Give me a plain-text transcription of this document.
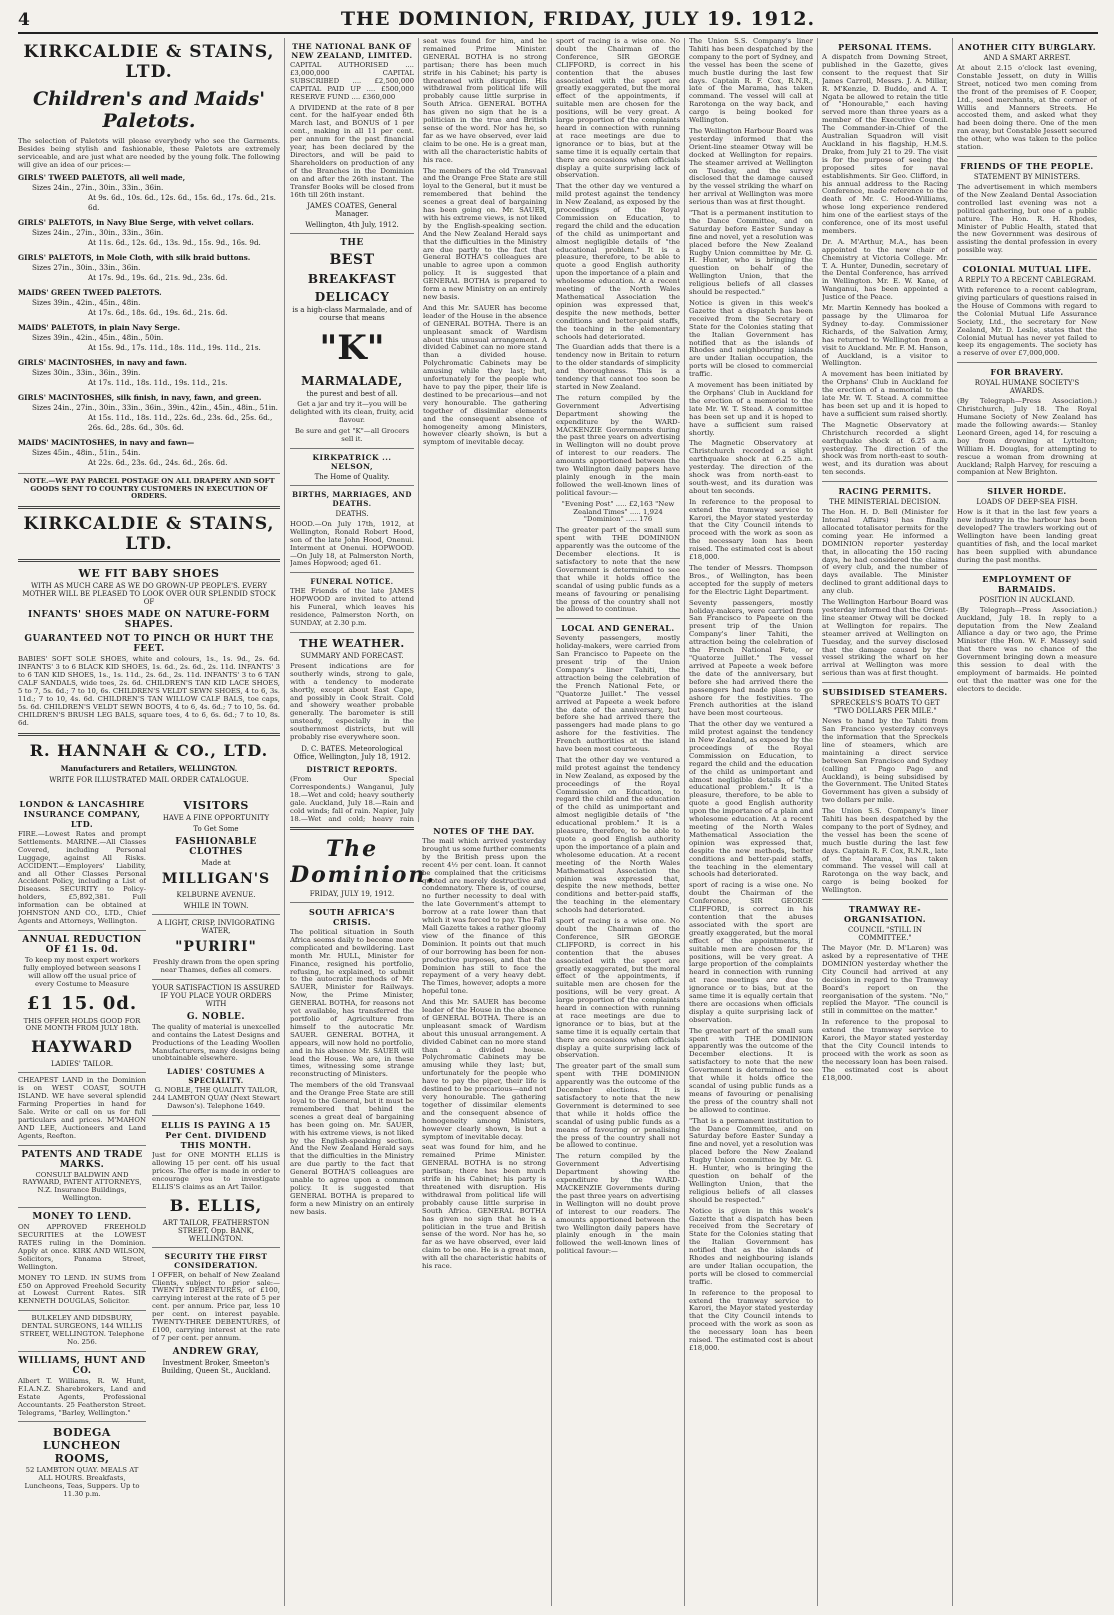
4	THE DOMINION, FRIDAY, JULY 19. 1912.
KIRKCALDIE & STAINS, LTD.
Children's and Maids' Paletots.
The selection of Paletots will please everybody who see the Garments. Besides being stylish and fashionable, these Paletots are extremely serviceable, and are just what are needed by the young folk. The following will give an idea of our prices:—
GIRLS' TWEED PALETOTS, all well made,
Sizes 24in., 27in., 30in., 33in., 36in.
At 9s. 6d., 10s. 6d., 12s. 6d., 15s. 6d., 17s. 6d., 21s. 6d.
GIRLS' PALETOTS, in Navy Blue Serge, with velvet collars.
Sizes 24in., 27in., 30in., 33in., 36in.
At 11s. 6d., 12s. 6d., 13s. 9d., 15s. 9d., 16s. 9d.
GIRLS' PALETOTS, in Mole Cloth, with silk braid buttons.
Sizes 27in., 30in., 33in., 36in.
At 17s. 9d., 19s. 6d., 21s. 9d., 23s. 6d.
MAIDS' GREEN TWEED PALETOTS.
Sizes 39in., 42in., 45in., 48in.
At 17s. 6d., 18s. 6d., 19s. 6d., 21s. 6d.
MAIDS' PALETOTS, in plain Navy Serge.
Sizes 39in., 42in., 45in., 48in., 50in.
At 15s. 9d., 17s. 11d., 18s. 11d., 19s. 11d., 21s.
GIRLS' MACINTOSHES, in navy and fawn.
Sizes 30in., 33in., 36in., 39in.
At 17s. 11d., 18s. 11d., 19s. 11d., 21s.
GIRLS' MACINTOSHES, silk finish, in navy, fawn, and green.
Sizes 24in., 27in., 30in., 33in., 36in., 39in., 42in., 45in., 48in., 51in.
At 15s. 11d., 18s. 11d., 22s. 6d., 23s. 6d., 25s. 6d., 26s. 6d., 28s. 6d., 30s. 6d.
MAIDS' MACINTOSHES, in navy and fawn—
Sizes 45in., 48in., 51in., 54in.
At 22s. 6d., 23s. 6d., 24s. 6d., 26s. 6d.
NOTE.—WE PAY PARCEL POSTAGE ON ALL DRAPERY AND SOFT GOODS SENT TO COUNTRY CUSTOMERS IN EXECUTION OF ORDERS.
KIRKCALDIE & STAINS, LTD.
WE FIT BABY SHOES
WITH AS MUCH CARE AS WE DO GROWN-UP PEOPLE'S. EVERY MOTHER WILL BE PLEASED TO LOOK OVER OUR SPLENDID STOCK OF
INFANTS' SHOES MADE ON NATURE-FORM SHAPES.
GUARANTEED NOT TO PINCH OR HURT THE FEET.
BABIES' SOFT SOLE SHOES, white and colours, 1s., 1s. 9d., 2s. 6d. INFANTS' 3 to 6 BLACK KID SHOES, 1s. 6d., 2s. 6d., 2s. 11d. INFANTS' 3 to 6 TAN KID SHOES, 1s., 1s. 11d., 2s. 6d., 2s. 11d. INFANTS' 3 to 6 TAN CALF SANDALS, wide toes, 2s. 6d. CHILDREN'S TAN KID LACE SHOES, 5 to 7, 5s. 6d.; 7 to 10, 6s. CHILDREN'S VELDT SEWN SHOES, 4 to 6, 3s. 11d.; 7 to 10, 4s. 6d. CHILDREN'S TAN WILLOW CALF BALS, toe caps, 5s. 6d. CHILDREN'S VELDT SEWN BOOTS, 4 to 6, 4s. 6d.; 7 to 10, 5s. 6d. CHILDREN'S BRUSH LEG BALS, square toes, 4 to 6, 6s. 6d.; 7 to 10, 8s. 6d.
R. HANNAH & CO., LTD.
Manufacturers and Retailers, WELLINGTON.
WRITE FOR ILLUSTRATED MAIL ORDER CATALOGUE.
LONDON & LANCASHIRE INSURANCE COMPANY, LTD.
FIRE.—Lowest Rates and prompt Settlements. MARINE.—All Classes Covered, including Personal Luggage, against All Risks. ACCIDENT.—Employers' Liability, and all Other Classes Personal Accident Policy, including a List of Diseases. SECURITY to Policy-holders, £5,892,381. Full information can be obtained at JOHNSTON AND CO., LTD., Chief Agents and Attorneys, Wellington.
ANNUAL REDUCTION OF £1 1s. 0d.
To keep my most expert workers fully employed between seasons I will allow off the usual price of every Costume to Measure
£1 15. 0d.
THIS OFFER HOLDS GOOD FOR ONE MONTH FROM JULY 18th.
HAYWARD
LADIES' TAILOR.
CHEAPEST LAND in the Dominion is on WEST COAST, SOUTH ISLAND. WE have several splendid Farming Properties in hand for Sale. Write or call on us for full particulars and prices. M'MAHON AND LEE, Auctioneers and Land Agents, Reefton.
PATENTS AND TRADE MARKS.
CONSULT BALDWIN AND RAYWARD, PATENT ATTORNEYS, N.Z. Insurance Buildings, Wellington.
MONEY TO LEND.
ON APPROVED FREEHOLD SECURITIES at the LOWEST RATES ruling in the Dominion. Apply at once. KIRK AND WILSON, Solicitors, Panama Street, Wellington.
MONEY TO LEND. IN SUMS from £50 on Approved Freehold Security at Lowest Current Rates. SIR KENNETH DOUGLAS, Solicitor.
BULKELEY AND DIDSBURY, DENTAL SURGEONS, 144 WILLIS STREET, WELLINGTON. Telephone No. 256.
WILLIAMS, HUNT AND CO.
Albert T. Williams, R. W. Hunt, F.I.A.N.Z. Sharebrokers, Land and Estate Agents, Professional Accountants. 25 Featherston Street. Telegrams, "Barley, Wellington."
BODEGA LUNCHEON ROOMS,
52 LAMBTON QUAY. MEALS AT ALL HOURS. Breakfasts, Luncheons, Teas, Suppers. Up to 11.30 p.m.
VISITORS
HAVE A FINE OPPORTUNITY
To Get Some
FASHIONABLE CLOTHES
Made at
MILLIGAN'S
KELBURNE AVENUE.
WHILE IN TOWN.
A LIGHT, CRISP, INVIGORATING WATER,
"PURIRI"
Freshly drawn from the open spring near Thames, defies all comers.
YOUR SATISFACTION IS ASSURED IF YOU PLACE YOUR ORDERS WITH
G. NOBLE.
The quality of material is unexcelled and contains the Latest Designs and Productions of the Leading Woollen Manufacturers, many designs being unobtainable elsewhere.
LADIES' COSTUMES A SPECIALITY.
G. NOBLE, THE QUALITY TAILOR, 244 LAMBTON QUAY (Next Stewart Dawson's). Telephone 1649.
ELLIS IS PAYING A 15 Per Cent. DIVIDEND THIS MONTH.
Just for ONE MONTH ELLIS is allowing 15 per cent. off his usual prices. The offer is made in order to encourage you to investigate ELLIS'S claims as an Art Tailor.
B. ELLIS,
ART TAILOR, FEATHERSTON STREET, Opp. BANK, WELLINGTON.
SECURITY THE FIRST CONSIDERATION.
I OFFER, on behalf of New Zealand Clients, subject to prior sale:— TWENTY DEBENTURES, of £100, carrying interest at the rate of 5 per cent. per annum. Price par, less 10 per cent. on interest payable. TWENTY-THREE DEBENTURES, of £100, carrying interest at the rate of 7 per cent. per annum.
ANDREW GRAY,
Investment Broker, Smeeton's Building, Queen St., Auckland.
THE NATIONAL BANK OF NEW ZEALAND, LIMITED.
CAPITAL AUTHORISED .... £3,000,000 CAPITAL SUBSCRIBED .... £2,500,000 CAPITAL PAID UP .... £500,000 RESERVE FUND .... £360,000
A DIVIDEND at the rate of 8 per cent. for the half-year ended 6th March last, and BONUS of 1 per cent., making in all 11 per cent. per annum for the past financial year, has been declared by the Directors, and will be paid to Shareholders on production of any of the Branches in the Dominion on and after the 26th instant. The Transfer Books will be closed from 16th till 26th instant.
JAMES COATES, General Manager.
Wellington, 4th July, 1912.
THE
BEST
BREAKFAST
DELICACY
is a high-class Marmalade, and of course that means
"K"
MARMALADE,
the purest and best of all.
Get a jar and try it—you will be delighted with its clean, fruity, acid flavour.
Be sure and get "K"—all Grocers sell it.
KIRKPATRICK ... NELSON,
The Home of Quality.
BIRTHS, MARRIAGES, AND DEATHS.
DEATHS.
HOOD.—On July 17th, 1912, at Wellington, Ronald Robert Hood, son of the late John Hood, Onenui. Interment at Onenui. HOPWOOD.—On July 18, at Palmerston North, James Hopwood; aged 61.
FUNERAL NOTICE.
THE Friends of the late JAMES HOPWOOD are invited to attend his Funeral, which leaves his residence, Palmerston North, on SUNDAY, at 2.30 p.m.
THE WEATHER.
SUMMARY AND FORECAST.
Present indications are for southerly winds, strong to gale, with a tendency to moderate shortly, except about East Cape, and possibly in Cook Strait. Cold and showery weather probable generally. The barometer is still unsteady, especially in the southernmost districts, but will probably rise everywhere soon.
D. C. BATES. Meteorological Office, Wellington, July 18, 1912.
DISTRICT REPORTS.
(From Our Special Correspondents.) Wanganui, July 18.—Wet and cold; heavy southerly gale. Auckland, July 18.—Rain and cold winds; fall of rain. Napier, July 18.—Wet and cold; heavy rain
seat was found for him, and he remained Prime Minister. GENERAL BOTHA is no strong partisan; there has been much strife in his Cabinet; his party is threatened with disruption. His withdrawal from political life will probably cause little surprise in South Africa. GENERAL BOTHA has given no sign that he is a politician in the true and British sense of the word. Nor has he, so far as we have observed, ever laid claim to be one. He is a great man, with all the characteristic habits of his race.
The members of the old Transvaal and the Orange Free State are still loyal to the General, but it must be remembered that behind the scenes a great deal of bargaining has been going on. Mr. SAUER, with his extreme views, is not liked by the English-speaking section. And the New Zealand Herald says that the difficulties in the Ministry are due partly to the fact that General BOTHA'S colleagues are unable to agree upon a common policy. It is suggested that GENERAL BOTHA is prepared to form a new Ministry on an entirely new basis.
And this Mr. SAUER has become leader of the House in the absence of GENERAL BOTHA. There is an unpleasant smack of Wardism about this unusual arrangement. A divided Cabinet can no more stand than a divided house. Polychromatic Cabinets may be amusing while they last; but, unfortunately for the people who have to pay the piper, their life is destined to be precarious—and not very honourable. The gathering together of dissimilar elements and the consequent absence of homogeneity among Ministers, however clearly shown, is but a symptom of inevitable decay.
The Dominion.
FRIDAY, JULY 19, 1912.
SOUTH AFRICA'S CRISIS.
The political situation in South Africa seems daily to become more complicated and bewildering. Last month Mr. HULL, Minister for Finance, resigned his portfolio, refusing, he explained, to submit to the autocratic methods of Mr. SAUER, Minister for Railways. Now, the Prime Minister, GENERAL BOTHA, for reasons not yet available, has transferred the portfolio of Agriculture from himself to the autocratic Mr. SAUER. GENERAL BOTHA, it appears, will now hold no portfolio, and in his absence Mr. SAUER will lead the House. We are, in these times, witnessing some strange reconstructing of Ministers.
The members of the old Transvaal and the Orange Free State are still loyal to the General, but it must be remembered that behind the scenes a great deal of bargaining has been going on. Mr. SAUER, with his extreme views, is not liked by the English-speaking section. And the New Zealand Herald says that the difficulties in the Ministry are due partly to the fact that General BOTHA'S colleagues are unable to agree upon a common policy. It is suggested that GENERAL BOTHA is prepared to form a new Ministry on an entirely new basis.
NOTES OF THE DAY.
The mail which arrived yesterday brought us some further comments by the British press upon the recent 4½ per cent. loan. It cannot be complained that the criticisms quoted are merely destructive and condemnatory. There is, of course, no further necessity to deal with the late Government's attempt to borrow at a rate lower than that which it was forced to pay. The Fall Mall Gazette takes a rather gloomy view of the finance of this Dominion. It points out that much of our borrowing has been for non-productive purposes, and that the Dominion has still to face the repayment of a very heavy debt. The Times, however, adopts a more hopeful tone.
And this Mr. SAUER has become leader of the House in the absence of GENERAL BOTHA. There is an unpleasant smack of Wardism about this unusual arrangement. A divided Cabinet can no more stand than a divided house. Polychromatic Cabinets may be amusing while they last; but, unfortunately for the people who have to pay the piper, their life is destined to be precarious—and not very honourable. The gathering together of dissimilar elements and the consequent absence of homogeneity among Ministers, however clearly shown, is but a symptom of inevitable decay.
seat was found for him, and he remained Prime Minister. GENERAL BOTHA is no strong partisan; there has been much strife in his Cabinet; his party is threatened with disruption. His withdrawal from political life will probably cause little surprise in South Africa. GENERAL BOTHA has given no sign that he is a politician in the true and British sense of the word. Nor has he, so far as we have observed, ever laid claim to be one. He is a great man, with all the characteristic habits of his race.
sport of racing is a wise one. No doubt the Chairman of the Conference, SIR GEORGE CLIFFORD, is correct in his contention that the abuses associated with the sport are greatly exaggerated, but the moral effect of the appointments, if suitable men are chosen for the positions, will be very great. A large proportion of the complaints heard in connection with running at race meetings are due to ignorance or to bias, but at the same time it is equally certain that there are occasions when officials display a quite surprising lack of observation.
That the other day we ventured a mild protest against the tendency in New Zealand, as exposed by the proceedings of the Royal Commission on Education, to regard the child and the education of the child as unimportant and almost negligible details of "the educational problem." It is a pleasure, therefore, to be able to quote a good English authority upon the importance of a plain and wholesome education. At a recent meeting of the North Wales Mathematical Association the opinion was expressed that, despite the new methods, better conditions and better-paid staffs, the teaching in the elementary schools had deteriorated.
The Guardian adds that there is a tendency now in Britain to return to the older standards of simplicity and thoroughness. This is a tendency that cannot too soon be started in New Zealand.
The return compiled by the Government Advertising Department showing the expenditure by the WARD-MACKENZIE Governments during the past three years on advertising in Wellington will no doubt prove of interest to our readers. The amounts apportioned between the two Wellington daily papers have plainly enough in the main followed the well-known lines of political favour:—
"Evening Post" ..... £2,163 "New Zealand Times" ..... 1,924 "Dominion" ..... 176
The greater part of the small sum spent with THE DOMINION apparently was the outcome of the December elections. It is satisfactory to note that the new Government is determined to see that while it holds office the scandal of using public funds as a means of favouring or penalising the press of the country shall not be allowed to continue.
LOCAL AND GENERAL.
Seventy passengers, mostly holiday-makers, were carried from San Francisco to Papeete on the present trip of the Union Company's liner Tahiti, the attraction being the celebration of the French National Fete, or "Quatorze Juillet." The vessel arrived at Papeete a week before the date of the anniversary, but before she had arrived there the passengers had made plans to go ashore for the festivities. The French authorities at the island have been most courteous.
That the other day we ventured a mild protest against the tendency in New Zealand, as exposed by the proceedings of the Royal Commission on Education, to regard the child and the education of the child as unimportant and almost negligible details of "the educational problem." It is a pleasure, therefore, to be able to quote a good English authority upon the importance of a plain and wholesome education. At a recent meeting of the North Wales Mathematical Association the opinion was expressed that, despite the new methods, better conditions and better-paid staffs, the teaching in the elementary schools had deteriorated.
sport of racing is a wise one. No doubt the Chairman of the Conference, SIR GEORGE CLIFFORD, is correct in his contention that the abuses associated with the sport are greatly exaggerated, but the moral effect of the appointments, if suitable men are chosen for the positions, will be very great. A large proportion of the complaints heard in connection with running at race meetings are due to ignorance or to bias, but at the same time it is equally certain that there are occasions when officials display a quite surprising lack of observation.
The greater part of the small sum spent with THE DOMINION apparently was the outcome of the December elections. It is satisfactory to note that the new Government is determined to see that while it holds office the scandal of using public funds as a means of favouring or penalising the press of the country shall not be allowed to continue.
The return compiled by the Government Advertising Department showing the expenditure by the WARD-MACKENZIE Governments during the past three years on advertising in Wellington will no doubt prove of interest to our readers. The amounts apportioned between the two Wellington daily papers have plainly enough in the main followed the well-known lines of political favour:—
The Union S.S. Company's liner Tahiti has been despatched by the company to the port of Sydney, and the vessel has been the scene of much bustle during the last few days. Captain R. F. Cox, R.N.R., late of the Marama, has taken command. The vessel will call at Rarotonga on the way back, and cargo is being booked for Wellington.
The Wellington Harbour Board was yesterday informed that the Orient-line steamer Otway will be docked at Wellington for repairs. The steamer arrived at Wellington on Tuesday, and the survey disclosed that the damage caused by the vessel striking the wharf on her arrival at Wellington was more serious than was at first thought.
"That is a permanent institution to the Dance Committee, and on Saturday before Easter Sunday a fine and novel, yet a resolution was placed before the New Zealand Rugby Union committee by Mr. G. H. Hunter, who is bringing the question on behalf of the Wellington Union, that the religious beliefs of all classes should be respected."
Notice is given in this week's Gazette that a dispatch has been received from the Secretary of State for the Colonies stating that the Italian Government has notified that as the islands of Rhodes and neighbouring islands are under Italian occupation, the ports will be closed to commercial traffic.
A movement has been initiated by the Orphans' Club in Auckland for the erection of a memorial to the late Mr. W. T. Stead. A committee has been set up and it is hoped to have a sufficient sum raised shortly.
The Magnetic Observatory at Christchurch recorded a slight earthquake shock at 6.25 a.m. yesterday. The direction of the shock was from north-east to south-west, and its duration was about ten seconds.
In reference to the proposal to extend the tramway service to Karori, the Mayor stated yesterday that the City Council intends to proceed with the work as soon as the necessary loan has been raised. The estimated cost is about £18,000.
The tender of Messrs. Thompson Bros., of Wellington, has been accepted for the supply of meters for the Electric Light Department.
Seventy passengers, mostly holiday-makers, were carried from San Francisco to Papeete on the present trip of the Union Company's liner Tahiti, the attraction being the celebration of the French National Fete, or "Quatorze Juillet." The vessel arrived at Papeete a week before the date of the anniversary, but before she had arrived there the passengers had made plans to go ashore for the festivities. The French authorities at the island have been most courteous.
That the other day we ventured a mild protest against the tendency in New Zealand, as exposed by the proceedings of the Royal Commission on Education, to regard the child and the education of the child as unimportant and almost negligible details of "the educational problem." It is a pleasure, therefore, to be able to quote a good English authority upon the importance of a plain and wholesome education. At a recent meeting of the North Wales Mathematical Association the opinion was expressed that, despite the new methods, better conditions and better-paid staffs, the teaching in the elementary schools had deteriorated.
sport of racing is a wise one. No doubt the Chairman of the Conference, SIR GEORGE CLIFFORD, is correct in his contention that the abuses associated with the sport are greatly exaggerated, but the moral effect of the appointments, if suitable men are chosen for the positions, will be very great. A large proportion of the complaints heard in connection with running at race meetings are due to ignorance or to bias, but at the same time it is equally certain that there are occasions when officials display a quite surprising lack of observation.
The greater part of the small sum spent with THE DOMINION apparently was the outcome of the December elections. It is satisfactory to note that the new Government is determined to see that while it holds office the scandal of using public funds as a means of favouring or penalising the press of the country shall not be allowed to continue.
"That is a permanent institution to the Dance Committee, and on Saturday before Easter Sunday a fine and novel, yet a resolution was placed before the New Zealand Rugby Union committee by Mr. G. H. Hunter, who is bringing the question on behalf of the Wellington Union, that the religious beliefs of all classes should be respected."
Notice is given in this week's Gazette that a dispatch has been received from the Secretary of State for the Colonies stating that the Italian Government has notified that as the islands of Rhodes and neighbouring islands are under Italian occupation, the ports will be closed to commercial traffic.
In reference to the proposal to extend the tramway service to Karori, the Mayor stated yesterday that the City Council intends to proceed with the work as soon as the necessary loan has been raised. The estimated cost is about £18,000.
PERSONAL ITEMS.
A dispatch from Downing Street, published in the Gazette, gives consent to the request that Sir James Carroll, Messrs. J. A. Millar, R. M'Kenzie, D. Buddo, and A. T. Ngata be allowed to retain the title of "Honourable," each having served more than three years as a member of the Executive Council. The Commander-in-Chief of the Australian Squadron will visit Auckland in his flagship, H.M.S. Drake, from July 21 to 29. The visit is for the purpose of seeing the proposed sites for naval establishments. Sir Geo. Clifford, in his annual address to the Racing Conference, made reference to the death of Mr. C. Hood-Williams, whose long experience rendered him one of the earliest stays of the conference, one of its most useful members.
Dr. A. M'Arthur, M.A., has been appointed to the new chair of Chemistry at Victoria College. Mr. T. A. Hunter, Dunedin, secretary of the Dental Conference, has arrived in Wellington. Mr. E. W. Kane, of Wanganui, has been appointed a Justice of the Peace.
Mr. Martin Kennedy has booked a passage by the Ulimaroa for Sydney to-day. Commissioner Richards, of the Salvation Army, has returned to Wellington from a visit to Auckland. Mr. F. M. Hanson, of Auckland, is a visitor to Wellington.
A movement has been initiated by the Orphans' Club in Auckland for the erection of a memorial to the late Mr. W. T. Stead. A committee has been set up and it is hoped to have a sufficient sum raised shortly.
The Magnetic Observatory at Christchurch recorded a slight earthquake shock at 6.25 a.m. yesterday. The direction of the shock was from north-east to south-west, and its duration was about ten seconds.
RACING PERMITS.
THE MINISTERIAL DECISION.
The Hon. H. D. Bell (Minister for Internal Affairs) has finally allocated totalisator permits for the coming year. He informed a DOMINION reporter yesterday that, in allocating the 150 racing days, he had considered the claims of every club, and the number of days available. The Minister declined to grant additional days to any club.
The Wellington Harbour Board was yesterday informed that the Orient-line steamer Otway will be docked at Wellington for repairs. The steamer arrived at Wellington on Tuesday, and the survey disclosed that the damage caused by the vessel striking the wharf on her arrival at Wellington was more serious than was at first thought.
SUBSIDISED STEAMERS.
SPRECKELS'S BOATS TO GET "TWO DOLLARS PER MILE."
News to hand by the Tahiti from San Francisco yesterday conveys the information that the Spreckels line of steamers, which are maintaining a direct service between San Francisco and Sydney (calling at Pago Pago and Auckland), is being subsidised by the Government. The United States Government has given a subsidy of two dollars per mile.
The Union S.S. Company's liner Tahiti has been despatched by the company to the port of Sydney, and the vessel has been the scene of much bustle during the last few days. Captain R. F. Cox, R.N.R., late of the Marama, has taken command. The vessel will call at Rarotonga on the way back, and cargo is being booked for Wellington.
TRAMWAY RE-ORGANISATION.
COUNCIL "STILL IN COMMITTEE."
The Mayor (Mr. D. M'Laren) was asked by a representative of THE DOMINION yesterday whether the City Council had arrived at any decision in regard to the Tramway Board's report on the reorganisation of the system. "No," replied the Mayor. "The council is still in committee on the matter."
In reference to the proposal to extend the tramway service to Karori, the Mayor stated yesterday that the City Council intends to proceed with the work as soon as the necessary loan has been raised. The estimated cost is about £18,000.
ANOTHER CITY BURGLARY.
AND A SMART ARREST.
At about 2.15 o'clock last evening, Constable Jessett, on duty in Willis Street, noticed two men coming from the front of the premises of F. Cooper, Ltd., seed merchants, at the corner of Willis and Manners Streets. He accosted them, and asked what they had been doing there. One of the men ran away, but Constable Jessett secured the other, who was taken to the police station.
FRIENDS OF THE PEOPLE.
STATEMENT BY MINISTERS.
The advertisement in which members of the New Zealand Dental Association controlled last evening was not a political gathering, but one of a public nature. The Hon. R. H. Rhodes, Minister of Public Health, stated that the new Government was desirous of assisting the dental profession in every possible way.
COLONIAL MUTUAL LIFE.
A REPLY TO A RECENT CABLEGRAM.
With reference to a recent cablegram, giving particulars of questions raised in the House of Commons with regard to the Colonial Mutual Life Assurance Society, Ltd., the secretary for New Zealand, Mr. D. Leslie, states that the Colonial Mutual has never yet failed to keep its engagements. The society has a reserve of over £7,000,000.
FOR BRAVERY.
ROYAL HUMANE SOCIETY'S AWARDS.
(By Telegraph—Press Association.) Christchurch, July 18. The Royal Humane Society of New Zealand has made the following awards:— Stanley Leonard Green, aged 14, for rescuing a boy from drowning at Lyttelton; William H. Douglas, for attempting to rescue a woman from drowning at Auckland; Ralph Harvey, for rescuing a companion at New Brighton.
SILVER HORDE.
LOADS OF DEEP-SEA FISH.
How is it that in the last few years a new industry in the harbour has been developed? The trawlers working out of Wellington have been landing great quantities of fish, and the local market has been supplied with abundance during the past months.
EMPLOYMENT OF BARMAIDS.
POSITION IN AUCKLAND.
(By Telegraph—Press Association.) Auckland, July 18. In reply to a deputation from the New Zealand Alliance a day or two ago, the Prime Minister (the Hon. W. F. Massey) said that there was no chance of the Government bringing down a measure this session to deal with the employment of barmaids. He pointed out that the matter was one for the electors to decide.
